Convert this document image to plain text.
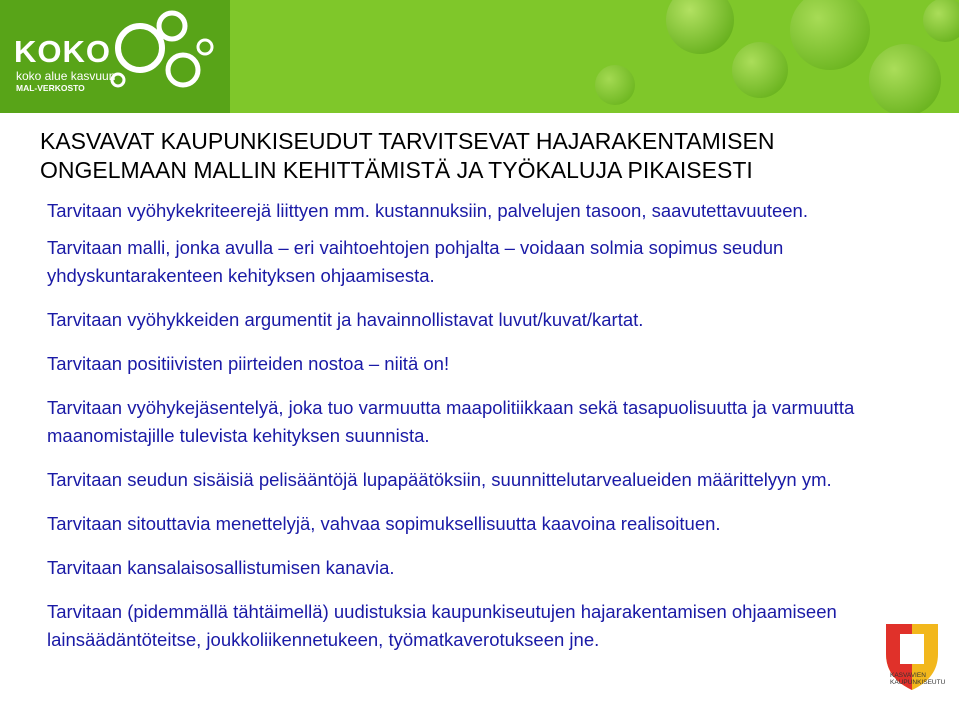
KOKO
koko alue kasvuun
MAL-VERKOSTO
KASVAVAT KAUPUNKISEUDUT TARVITSEVAT HAJARAKENTAMISEN
ONGELMAAN MALLIN KEHITTÄMISTÄ JA TYÖKALUJA PIKAISESTI
Tarvitaan vyöhykekriteerejä liittyen mm. kustannuksiin, palvelujen tasoon, saavutettavuuteen.
Tarvitaan malli, jonka avulla – eri vaihtoehtojen pohjalta – voidaan solmia sopimus seudun yhdyskuntarakenteen kehityksen ohjaamisesta.
Tarvitaan vyöhykkeiden argumentit ja havainnollistavat luvut/kuvat/kartat.
Tarvitaan positiivisten piirteiden nostoa – niitä on!
Tarvitaan vyöhykejäsentelyä, joka tuo varmuutta maapolitiikkaan sekä tasapuolisuutta ja varmuutta maanomistajille tulevista kehityksen suunnista.
Tarvitaan seudun sisäisiä pelisääntöjä lupapäätöksiin, suunnittelutarvealueiden määrittelyyn ym.
Tarvitaan sitouttavia menettelyjä, vahvaa sopimuksellisuutta kaavoina realisoituen.
Tarvitaan kansalaisosallistumisen kanavia.
Tarvitaan (pidemmällä tähtäimellä) uudistuksia kaupunkiseutujen hajarakentamisen ohjaamiseen lainsäädäntöteitse, joukkoliikennetukeen, työmatkaverotukseen jne.
KASVAVIEN
KAUPUNKISEUTU
